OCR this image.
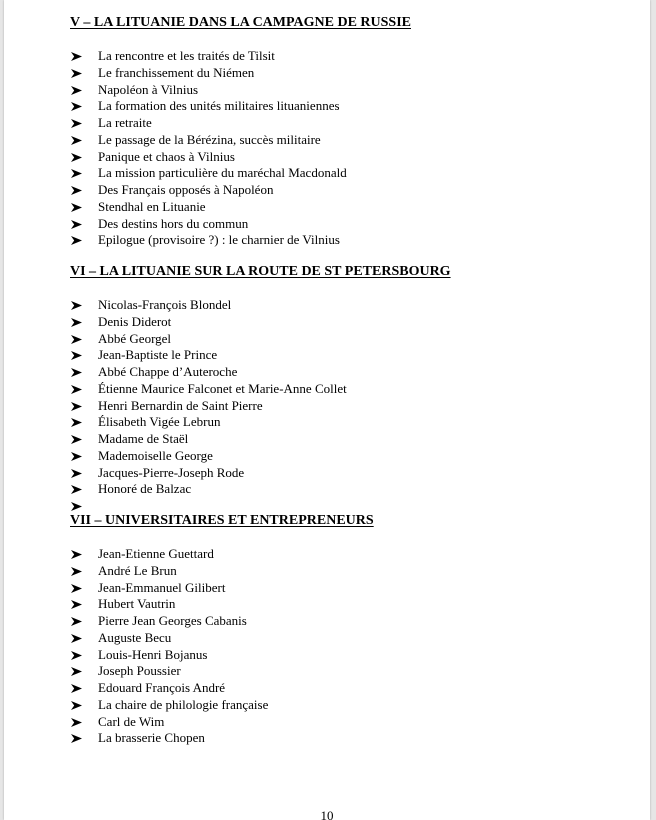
V – LA LITUANIE DANS LA CAMPAGNE DE RUSSIE
La rencontre et les traités de Tilsit
Le franchissement du Niémen
Napoléon à Vilnius
La formation des unités militaires lituaniennes
La retraite
Le passage de la Bérézina, succès militaire
Panique et chaos à Vilnius
La mission particulière du maréchal Macdonald
Des Français opposés à Napoléon
Stendhal en Lituanie
Des destins hors du commun
Epilogue (provisoire ?) : le charnier de Vilnius
VI – LA LITUANIE SUR LA ROUTE DE ST PETERSBOURG
Nicolas-François Blondel
Denis Diderot
Abbé Georgel
Jean-Baptiste le Prince
Abbé Chappe d’Auteroche
Étienne Maurice Falconet et Marie-Anne Collet
Henri Bernardin de Saint Pierre
Élisabeth Vigée Lebrun
Madame de Staël
Mademoiselle George
Jacques-Pierre-Joseph Rode
Honoré de Balzac
VII – UNIVERSITAIRES ET ENTREPRENEURS
Jean-Etienne Guettard
André Le Brun
Jean-Emmanuel Gilibert
Hubert Vautrin
Pierre Jean Georges Cabanis
Auguste Becu
Louis-Henri Bojanus
Joseph Poussier
Edouard François André
La chaire de philologie française
Carl de Wim
La brasserie Chopen
10
